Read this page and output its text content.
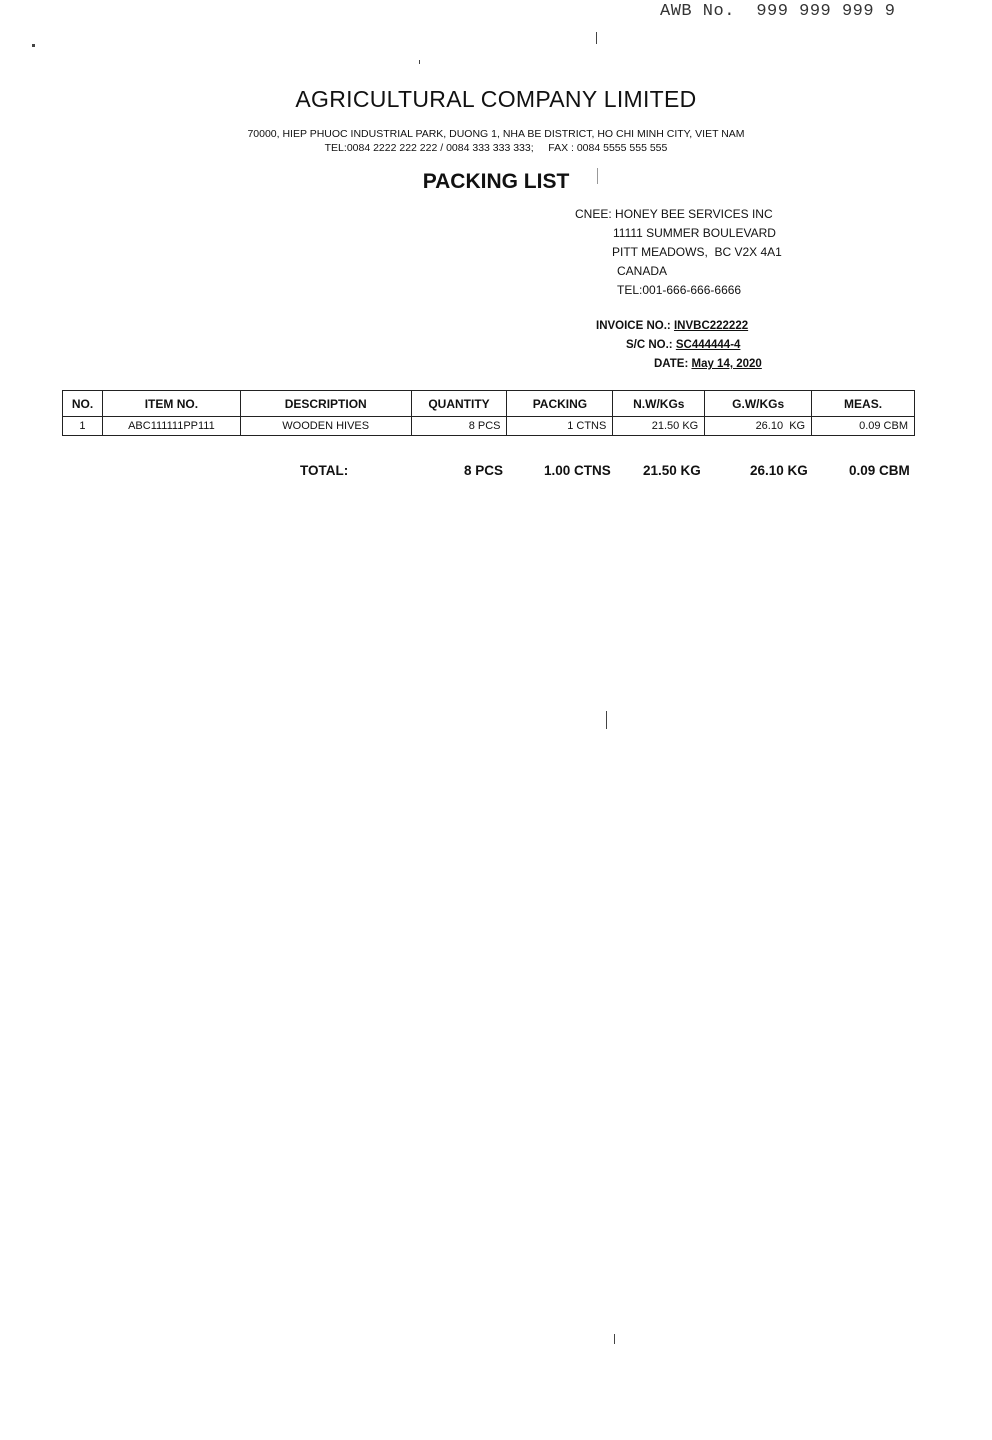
AWB No. 999 999 999 9
AGRICULTURAL COMPANY LIMITED
70000, HIEP PHUOC INDUSTRIAL PARK, DUONG 1, NHA BE DISTRICT, HO CHI MINH CITY, VIET NAM
TEL:0084 2222 222 222 / 0084 333 333 333;     FAX : 0084 5555 555 555
PACKING LIST
CNEE: HONEY BEE SERVICES INC
11111 SUMMER BOULEVARD
PITT MEADOWS,  BC V2X 4A1
CANADA
TEL:001-666-666-6666
INVOICE NO.: INVBC222222
S/C NO.: SC444444-4
DATE: May 14, 2020
NO.	ITEM NO.	DESCRIPTION	QUANTITY	PACKING	N.W/KGs	G.W/KGs	MEAS.
1	ABC111111PP111	WOODEN HIVES	8 PCS	1 CTNS	21.50 KG	26.10  KG	0.09 CBM
TOTAL:	8 PCS	1.00 CTNS 21.50 KG	26.10 KG	0.09 CBM
